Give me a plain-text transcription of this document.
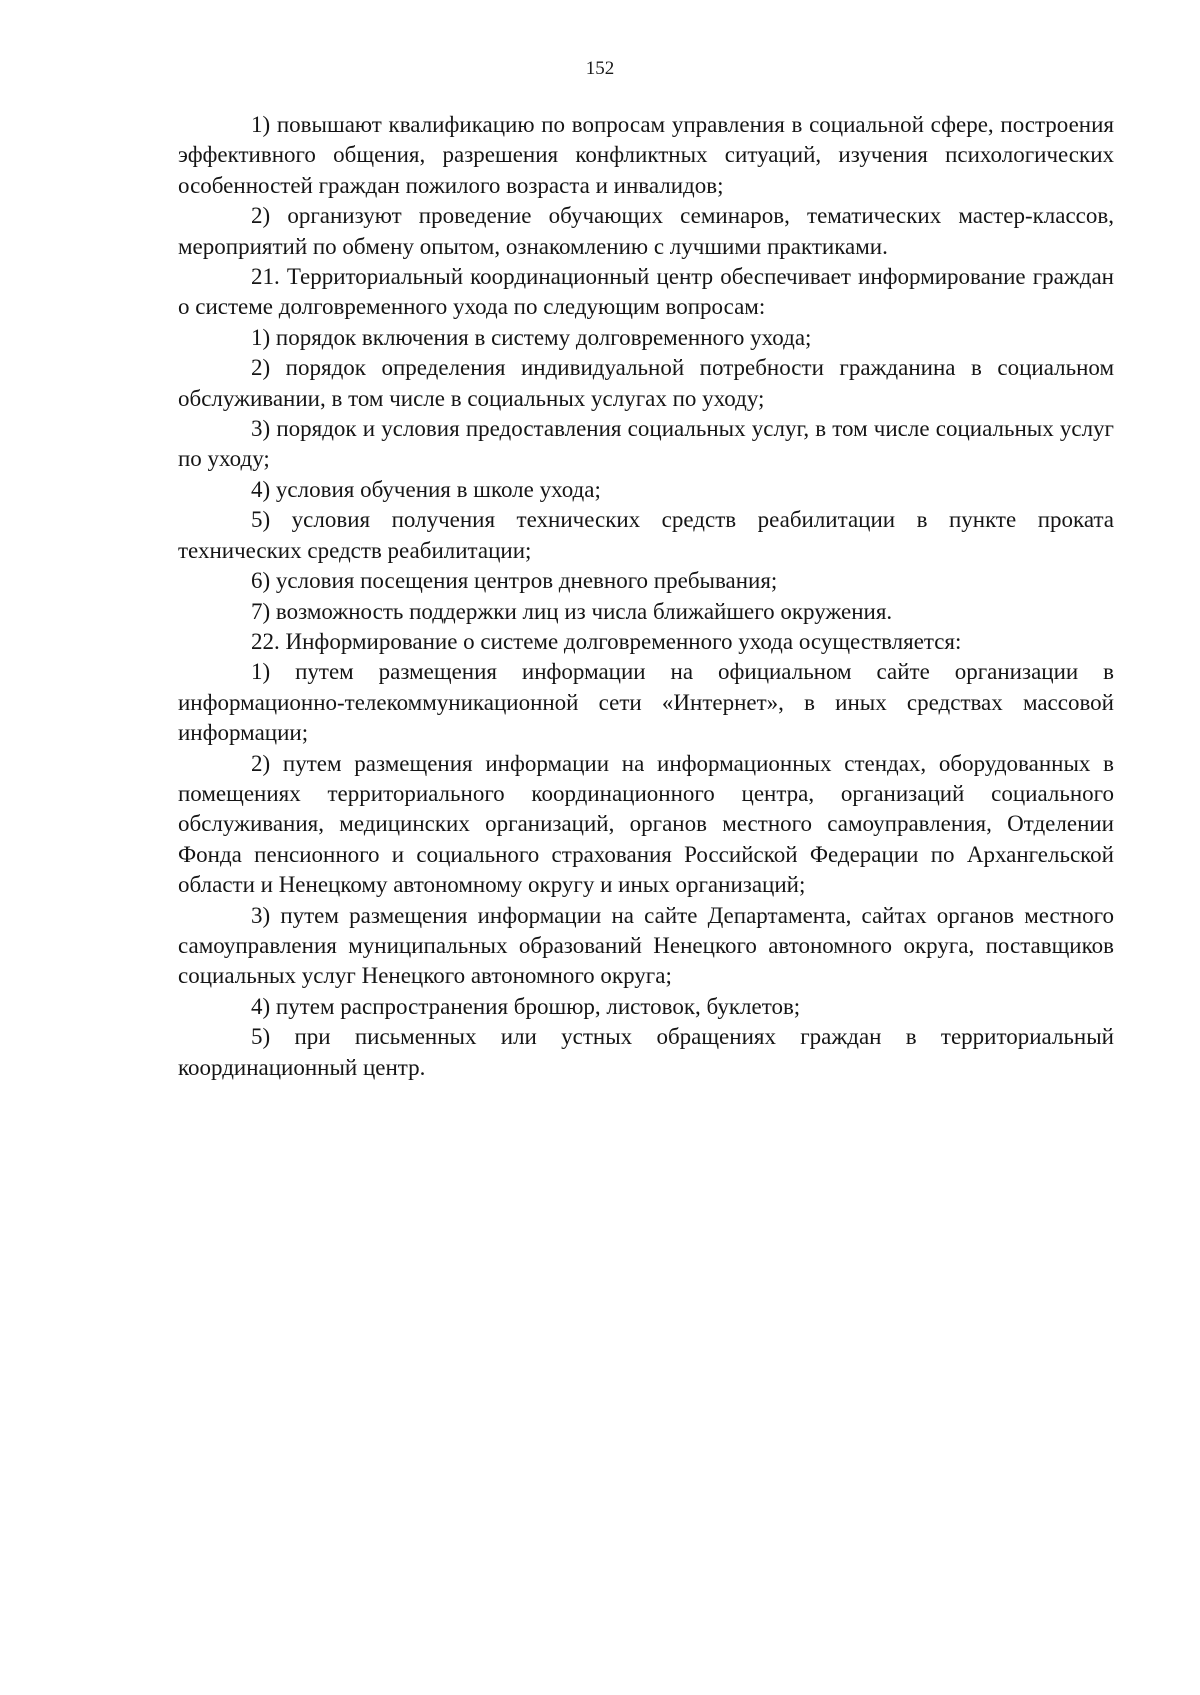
152

1) повышают квалификацию по вопросам управления в социальной сфере, построения эффективного общения, разрешения конфликтных ситуаций, изучения психологических особенностей граждан пожилого возраста и инвалидов;

2) организуют проведение обучающих семинаров, тематических мастер-классов, мероприятий по обмену опытом, ознакомлению с лучшими практиками.

21. Территориальный координационный центр обеспечивает информирование граждан о системе долговременного ухода по следующим вопросам:

1) порядок включения в систему долговременного ухода;

2) порядок определения индивидуальной потребности гражданина в социальном обслуживании, в том числе в социальных услугах по уходу;

3) порядок и условия предоставления социальных услуг, в том числе социальных услуг по уходу;

4) условия обучения в школе ухода;

5) условия получения технических средств реабилитации в пункте проката технических средств реабилитации;

6) условия посещения центров дневного пребывания;

7) возможность поддержки лиц из числа ближайшего окружения.

22. Информирование о системе долговременного ухода осуществляется:

1) путем размещения информации на официальном сайте организации в информационно-телекоммуникационной сети «Интернет», в иных средствах массовой информации;

2) путем размещения информации на информационных стендах, оборудованных в помещениях территориального координационного центра, организаций социального обслуживания, медицинских организаций, органов местного самоуправления, Отделении Фонда пенсионного и социального страхования Российской Федерации по Архангельской области и Ненецкому автономному округу и иных организаций;

3) путем размещения информации на сайте Департамента, сайтах органов местного самоуправления муниципальных образований Ненецкого автономного округа, поставщиков социальных услуг Ненецкого автономного округа;

4) путем распространения брошюр, листовок, буклетов;

5) при письменных или устных обращениях граждан в территориальный координационный центр.
